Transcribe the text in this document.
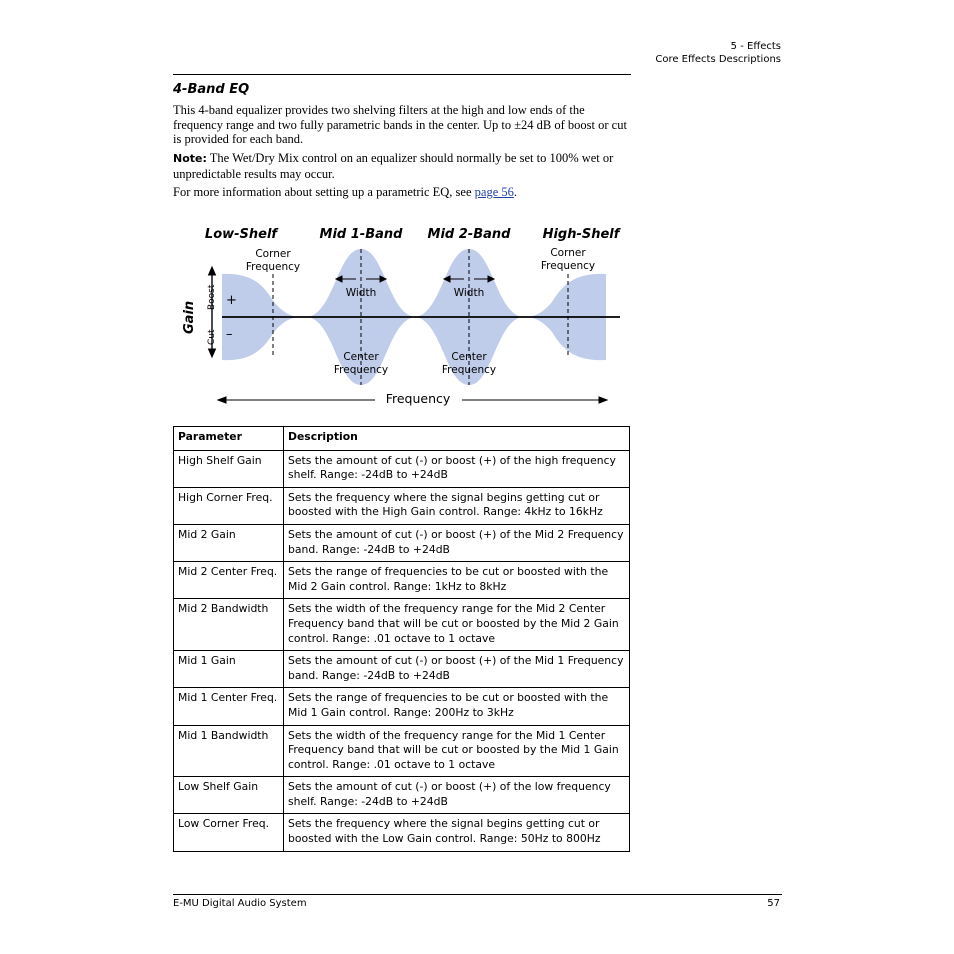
5 - Effects
Core Effects Descriptions
4-Band EQ
This 4-band equalizer provides two shelving filters at the high and low ends of the frequency range and two fully parametric bands in the center. Up to ±24 dB of boost or cut is provided for each band.
Note: The Wet/Dry Mix control on an equalizer should normally be set to 100% wet or unpredictable results may occur.
For more information about setting up a parametric EQ, see page 56.
Low-Shelf	Mid 1-Band Mid 2-Band High-Shelf
Corner
Frequency
Corner
Frequency
Width	Width
Center
Frequency
Center
Frequency
Gain
Boost
Cut
+
–
Frequency
Parameter	Description
High Shelf Gain	Sets the amount of cut (-) or boost (+) of the high frequency shelf. Range: -24dB to +24dB
High Corner Freq.	Sets the frequency where the signal begins getting cut or boosted with the High Gain control. Range: 4kHz to 16kHz
Mid 2 Gain	Sets the amount of cut (-) or boost (+) of the Mid 2 Frequency band. Range: -24dB to +24dB
Mid 2 Center Freq.	Sets the range of frequencies to be cut or boosted with the Mid 2 Gain control. Range: 1kHz to 8kHz
Mid 2 Bandwidth	Sets the width of the frequency range for the Mid 2 Center Frequency band that will be cut or boosted by the Mid 2 Gain control. Range: .01 octave to 1 octave
Mid 1 Gain	Sets the amount of cut (-) or boost (+) of the Mid 1 Frequency band. Range: -24dB to +24dB
Mid 1 Center Freq.	Sets the range of frequencies to be cut or boosted with the Mid 1 Gain control. Range: 200Hz to 3kHz
Mid 1 Bandwidth	Sets the width of the frequency range for the Mid 1 Center Frequency band that will be cut or boosted by the Mid 1 Gain control. Range: .01 octave to 1 octave
Low Shelf Gain	Sets the amount of cut (-) or boost (+) of the low frequency shelf. Range: -24dB to +24dB
Low Corner Freq.	Sets the frequency where the signal begins getting cut or boosted with the Low Gain control. Range: 50Hz to 800Hz
E-MU Digital Audio System	57
